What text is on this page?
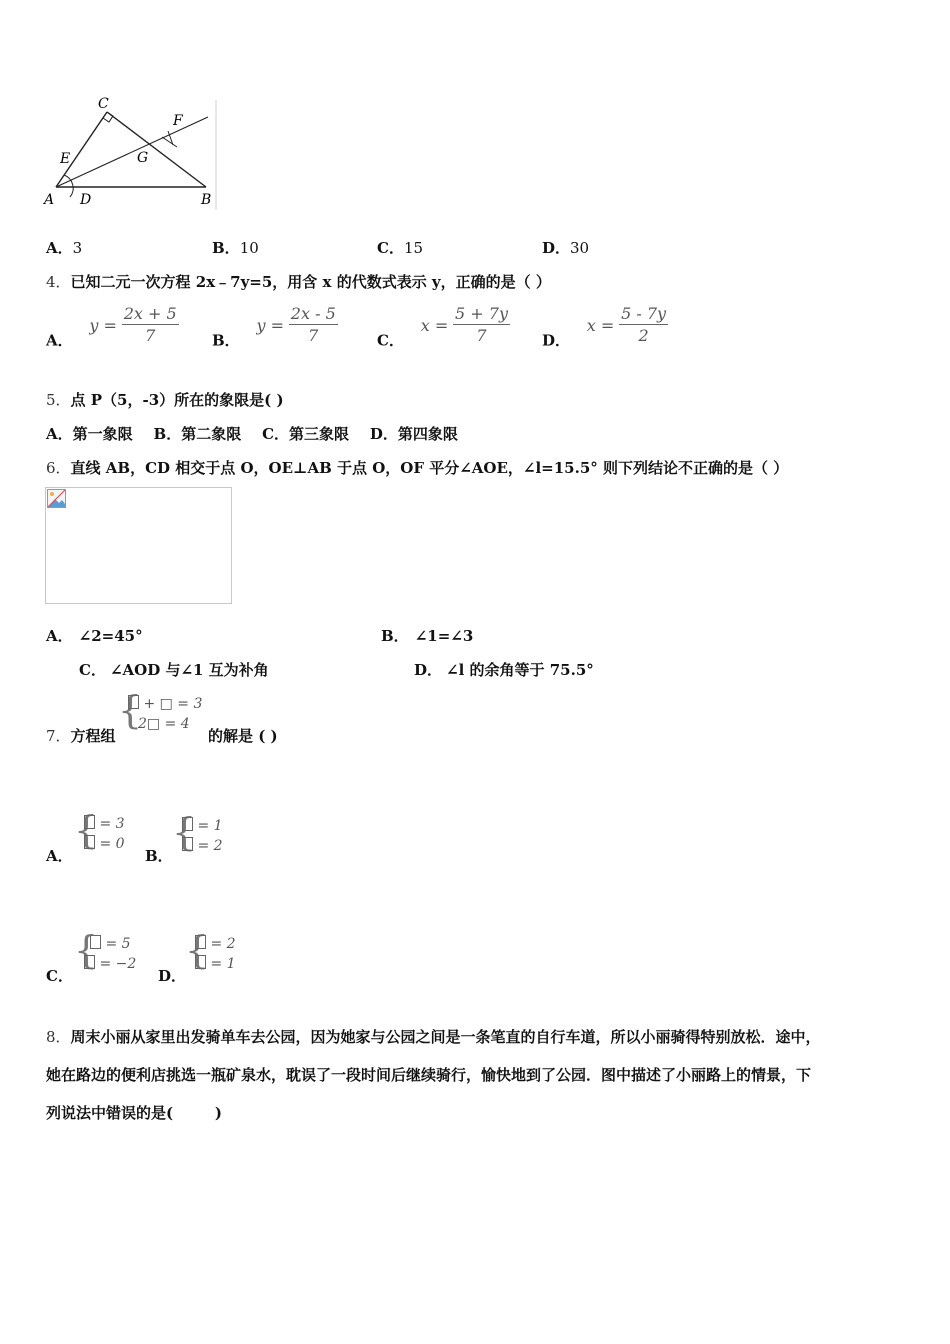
C
F
E	G
A D	B
A．3	B．10	C．15	D．30
4．已知二元一次方程 2x﹣7y=5，用含 x 的代数式表示 y，正确的是（ ）
A． $y = \frac{2x + 5}{7}$ B． $y = \frac{2x - 5}{7}$	C． $x = \frac{5 + 7y}{7}$ D． $x = \frac{5 - 7y}{2}$
5．点 P（5，-3）所在的象限是( )
A．第一象限    B．第二象限    C．第三象限    D．第四象限
6．直线 AB，CD 相交于点 O，OE⊥AB 于点 O，OF 平分∠AOE，∠l=15.5° 则下列结论不正确的是（ ）
A． ∠2=45°	B． ∠1=∠3
C． ∠AOD 与∠1 互为补角	D． ∠l 的余角等于 75.5°
7．方程组
{ + □ = 3
2□ = 4
的解是 ( )
A．
{ = 3
= 0
B．
{ = 1
= 2
C．
{ = 5
= −2
D．
{ = 2
= 1
8．周末小丽从家里出发骑单车去公园，因为她家与公园之间是一条笔直的自行车道，所以小丽骑得特别放松．途中，
她在路边的便利店挑选一瓶矿泉水，耽误了一段时间后继续骑行，愉快地到了公园．图中描述了小丽路上的情景，下
列说法中错误的是(        )
